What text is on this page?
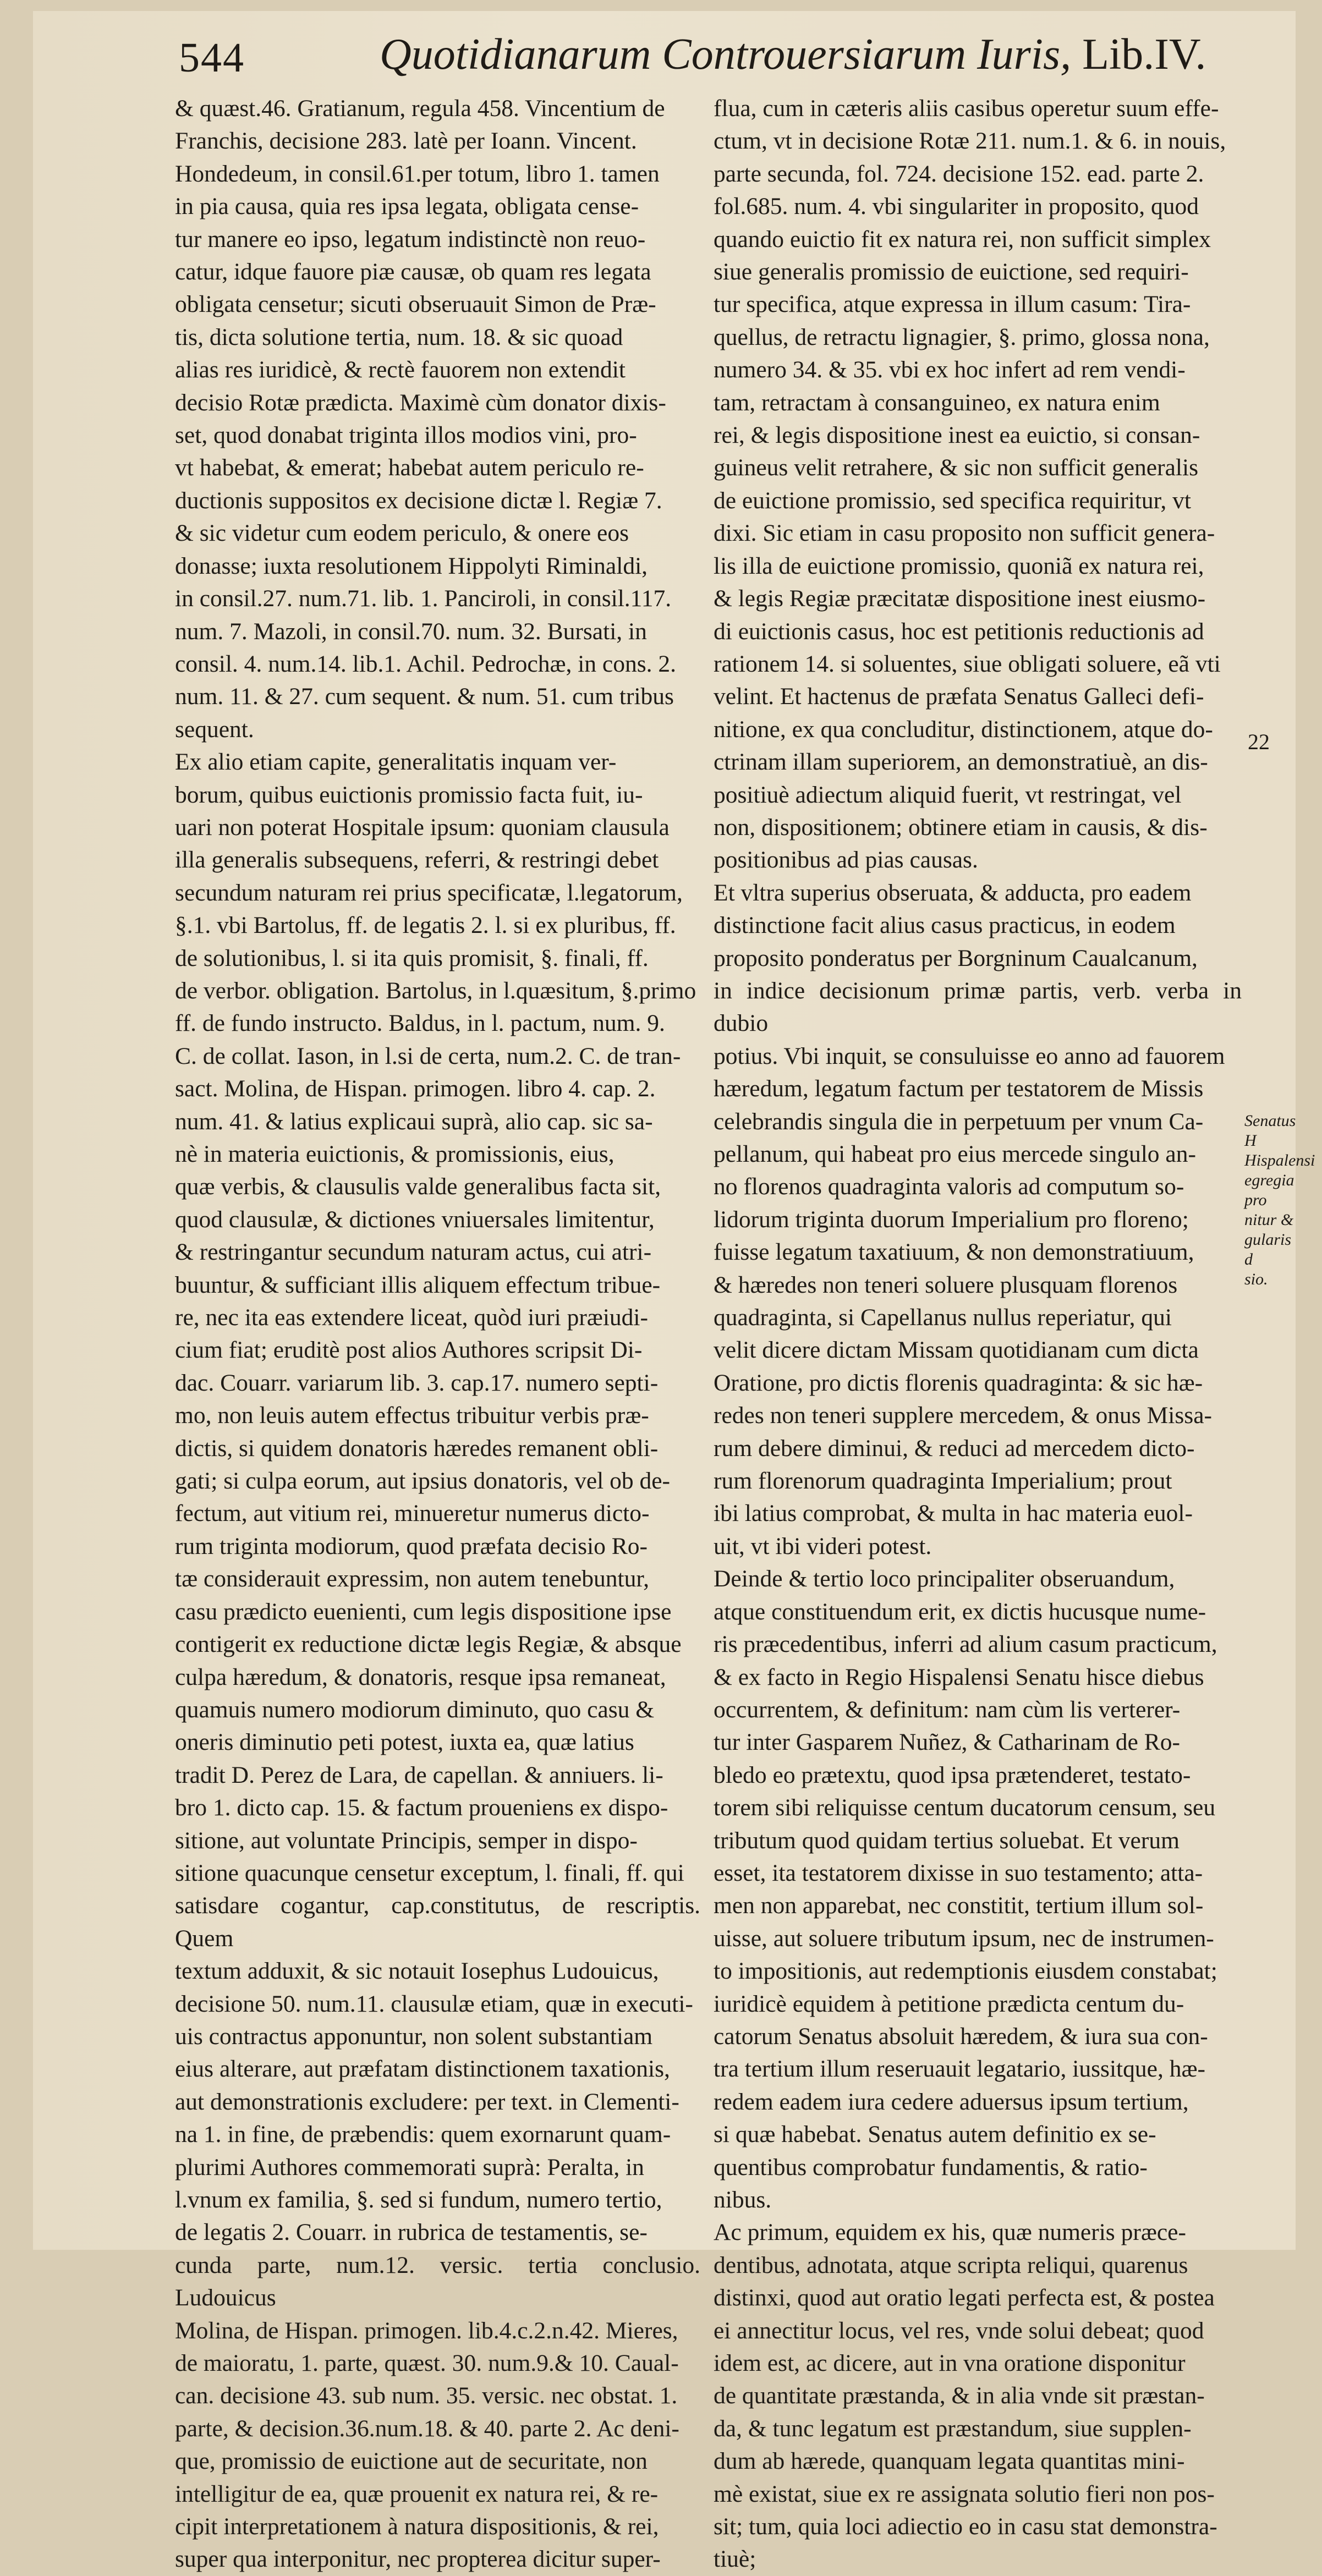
544	Quotidianarum Controuersiarum Iuris, Lib.IV.
& quæst.46. Gratianum, regula 458. Vincentium de
Franchis, decisione 283. latè per Ioann. Vincent.
Hondedeum, in consil.61.per totum, libro 1. tamen
in pia causa, quia res ipsa legata, obligata cense-
tur manere eo ipso, legatum indistinctè non reuo-
catur, idque fauore piæ causæ, ob quam res legata
obligata censetur; sicuti obseruauit Simon de Præ-
tis, dicta solutione tertia, num. 18. & sic quoad
alias res iuridicè, & rectè fauorem non extendit
decisio Rotæ prædicta. Maximè cùm donator dixis-
set, quod donabat triginta illos modios vini, pro-
vt habebat, & emerat; habebat autem periculo re-
ductionis suppositos ex decisione dictæ l. Regiæ 7.
& sic videtur cum eodem periculo, & onere eos
donasse; iuxta resolutionem Hippolyti Riminaldi,
in consil.27. num.71. lib. 1. Panciroli, in consil.117.
num. 7. Mazoli, in consil.70. num. 32. Bursati, in
consil. 4. num.14. lib.1. Achil. Pedrochæ, in cons. 2.
num. 11. & 27. cum sequent. & num. 51. cum tribus
sequent.
Ex alio etiam capite, generalitatis inquam ver-
borum, quibus euictionis promissio facta fuit, iu-
uari non poterat Hospitale ipsum: quoniam clausula
illa generalis subsequens, referri, & restringi debet
secundum naturam rei prius specificatæ, l.legatorum,
§.1. vbi Bartolus, ff. de legatis 2. l. si ex pluribus, ff.
de solutionibus, l. si ita quis promisit, §. finali, ff.
de verbor. obligation. Bartolus, in l.quæsitum, §.primo
ff. de fundo instructo. Baldus, in l. pactum, num. 9.
C. de collat. Iason, in l.si de certa, num.2. C. de tran-
sact. Molina, de Hispan. primogen. libro 4. cap. 2.
num. 41. & latius explicaui suprà, alio cap. sic sa-
nè in materia euictionis, & promissionis, eius,
quæ verbis, & clausulis valde generalibus facta sit,
quod clausulæ, & dictiones vniuersales limitentur,
& restringantur secundum naturam actus, cui atri-
buuntur, & sufficiant illis aliquem effectum tribue-
re, nec ita eas extendere liceat, quòd iuri præiudi-
cium fiat; eruditè post alios Authores scripsit Di-
dac. Couarr. variarum lib. 3. cap.17. numero septi-
mo, non leuis autem effectus tribuitur verbis præ-
dictis, si quidem donatoris hæredes remanent obli-
gati; si culpa eorum, aut ipsius donatoris, vel ob de-
fectum, aut vitium rei, minueretur numerus dicto-
rum triginta modiorum, quod præfata decisio Ro-
tæ considerauit expressim, non autem tenebuntur,
casu prædicto euenienti, cum legis dispositione ipse
contigerit ex reductione dictæ legis Regiæ, & absque
culpa hæredum, & donatoris, resque ipsa remaneat,
quamuis numero modiorum diminuto, quo casu &
oneris diminutio peti potest, iuxta ea, quæ latius
tradit D. Perez de Lara, de capellan. & anniuers. li-
bro 1. dicto cap. 15. & factum proueniens ex dispo-
sitione, aut voluntate Principis, semper in dispo-
sitione quacunque censetur exceptum, l. finali, ff. qui
satisdare cogantur, cap.constitutus, de rescriptis. Quem
textum adduxit, & sic notauit Iosephus Ludouicus,
decisione 50. num.11. clausulæ etiam, quæ in executi-
uis contractus apponuntur, non solent substantiam
eius alterare, aut præfatam distinctionem taxationis,
aut demonstrationis excludere: per text. in Clementi-
na 1. in fine, de præbendis: quem exornarunt quam-
plurimi Authores commemorati suprà: Peralta, in
l.vnum ex familia, §. sed si fundum, numero tertio,
de legatis 2. Couarr. in rubrica de testamentis, se-
cunda parte, num.12. versic. tertia conclusio. Ludouicus
Molina, de Hispan. primogen. lib.4.c.2.n.42. Mieres,
de maioratu, 1. parte, quæst. 30. num.9.& 10. Caual-
can. decisione 43. sub num. 35. versic. nec obstat. 1.
parte, & decision.36.num.18. & 40. parte 2. Ac deni-
que, promissio de euictione aut de securitate, non
intelligitur de ea, quæ prouenit ex natura rei, & re-
cipit interpretationem à natura dispositionis, & rei,
super qua interponitur, nec propterea dicitur super-
flua, cum in cæteris aliis casibus operetur suum effe-
ctum, vt in decisione Rotæ 211. num.1. & 6. in nouis,
parte secunda, fol. 724. decisione 152. ead. parte 2.
fol.685. num. 4. vbi singulariter in proposito, quod
quando euictio fit ex natura rei, non sufficit simplex
siue generalis promissio de euictione, sed requiri-
tur specifica, atque expressa in illum casum: Tira-
quellus, de retractu lignagier, §. primo, glossa nona,
numero 34. & 35. vbi ex hoc infert ad rem vendi-
tam, retractam à consanguineo, ex natura enim
rei, & legis dispositione inest ea euictio, si consan-
guineus velit retrahere, & sic non sufficit generalis
de euictione promissio, sed specifica requiritur, vt
dixi. Sic etiam in casu proposito non sufficit genera-
lis illa de euictione promissio, quoniã ex natura rei,
& legis Regiæ præcitatæ dispositione inest eiusmo-
di euictionis casus, hoc est petitionis reductionis ad
rationem 14. si soluentes, siue obligati soluere, eã vti
velint. Et hactenus de præfata Senatus Galleci defi-
nitione, ex qua concluditur, distinctionem, atque do-
ctrinam illam superiorem, an demonstratiuè, an dis-
positiuè adiectum aliquid fuerit, vt restringat, vel
non, dispositionem; obtinere etiam in causis, & dis-
positionibus ad pias causas.
Et vltra superius obseruata, & adducta, pro eadem
distinctione facit alius casus practicus, in eodem
proposito ponderatus per Borgninum Caualcanum,
in indice decisionum primæ partis, verb. verba in dubio
potius. Vbi inquit, se consuluisse eo anno ad fauorem
hæredum, legatum factum per testatorem de Missis
celebrandis singula die in perpetuum per vnum Ca-
pellanum, qui habeat pro eius mercede singulo an-
no florenos quadraginta valoris ad computum so-
lidorum triginta duorum Imperialium pro floreno;
fuisse legatum taxatiuum, & non demonstratiuum,
& hæredes non teneri soluere plusquam florenos
quadraginta, si Capellanus nullus reperiatur, qui
velit dicere dictam Missam quotidianam cum dicta
Oratione, pro dictis florenis quadraginta: & sic hæ-
redes non teneri supplere mercedem, & onus Missa-
rum debere diminui, & reduci ad mercedem dicto-
rum florenorum quadraginta Imperialium; prout
ibi latius comprobat, & multa in hac materia euol-
uit, vt ibi videri potest.
Deinde & tertio loco principaliter obseruandum,
atque constituendum erit, ex dictis hucusque nume-
ris præcedentibus, inferri ad alium casum practicum,
& ex facto in Regio Hispalensi Senatu hisce diebus
occurrentem, & definitum: nam cùm lis verterer-
tur inter Gasparem Nuñez, & Catharinam de Ro-
bledo eo prætextu, quod ipsa prætenderet, testato-
torem sibi reliquisse centum ducatorum censum, seu
tributum quod quidam tertius soluebat. Et verum
esset, ita testatorem dixisse in suo testamento; atta-
men non apparebat, nec constitit, tertium illum sol-
uisse, aut soluere tributum ipsum, nec de instrumen-
to impositionis, aut redemptionis eiusdem constabat;
iuridicè equidem à petitione prædicta centum du-
catorum Senatus absoluit hæredem, & iura sua con-
tra tertium illum reseruauit legatario, iussitque, hæ-
redem eadem iura cedere aduersus ipsum tertium,
si quæ habebat. Senatus autem definitio ex se-
quentibus comprobatur fundamentis, & ratio-
nibus.
Ac primum, equidem ex his, quæ numeris præce-
dentibus, adnotata, atque scripta reliqui, quarenus
distinxi, quod aut oratio legati perfecta est, & postea
ei annectitur locus, vel res, vnde solui debeat; quod
idem est, ac dicere, aut in vna oratione disponitur
de quantitate præstanda, & in alia vnde sit præstan-
da, & tunc legatum est præstandum, siue supplen-
dum ab hærede, quanquam legata quantitas mini-
mè existat, siue ex re assignata solutio fieri non pos-
sit; tum, quia loci adiectio eo in casu stat demonstra-
tiuè;
22
Senatus H
Hispalensi
egregia pro
nitur &
gularis d
sio.
